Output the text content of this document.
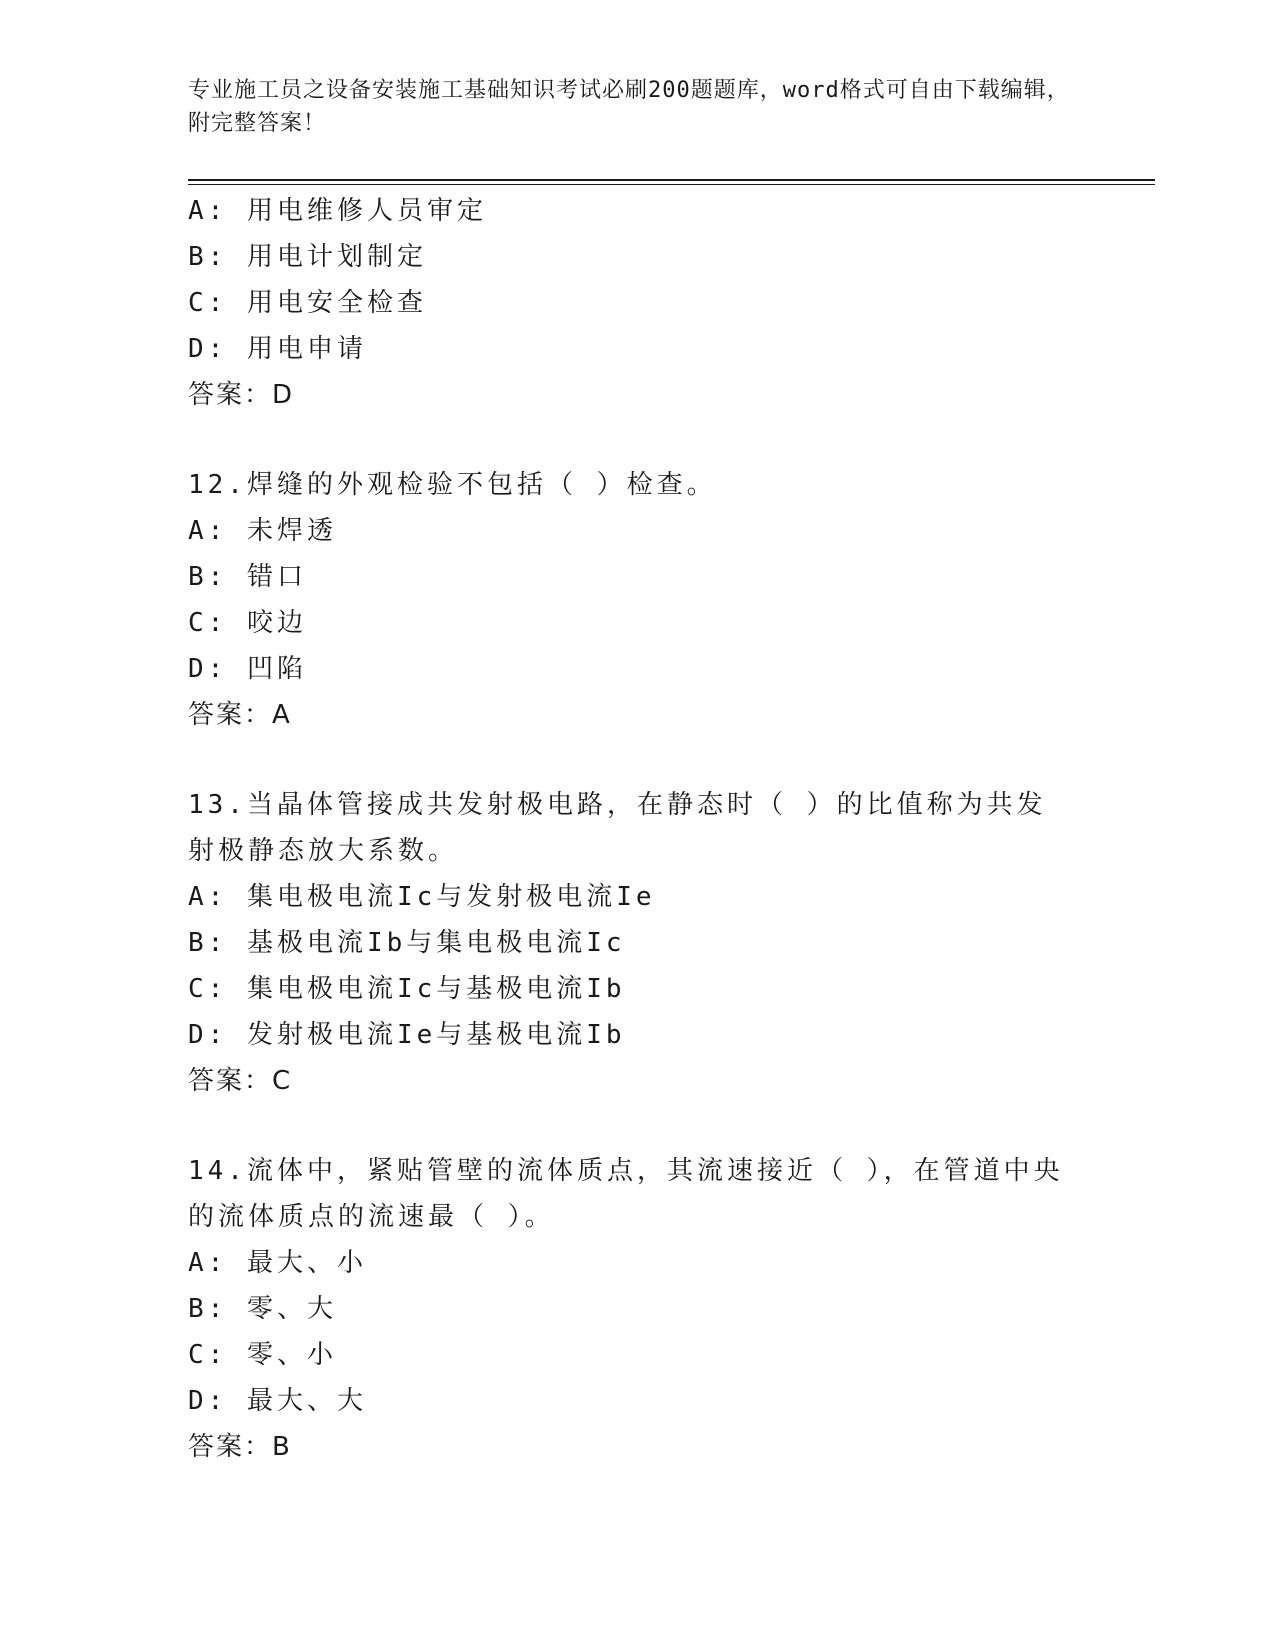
专业施工员之设备安装施工基础知识考试必刷200题题库，word格式可自由下载编辑，附完整答案！
A: 用电维修人员审定
B: 用电计划制定
C: 用电安全检查
D: 用电申请
答案：D
12.焊缝的外观检验不包括（ ）检查。
A: 未焊透
B: 错口
C: 咬边
D: 凹陷
答案：A
13.当晶体管接成共发射极电路，在静态时（ ）的比值称为共发射极静态放大系数。
A: 集电极电流Ic与发射极电流Ie
B: 基极电流Ib与集电极电流Ic
C: 集电极电流Ic与基极电流Ib
D: 发射极电流Ie与基极电流Ib
答案：C
14.流体中，紧贴管壁的流体质点，其流速接近（ ），在管道中央的流体质点的流速最（ ）。
A: 最大、小
B: 零、大
C: 零、小
D: 最大、大
答案：B
